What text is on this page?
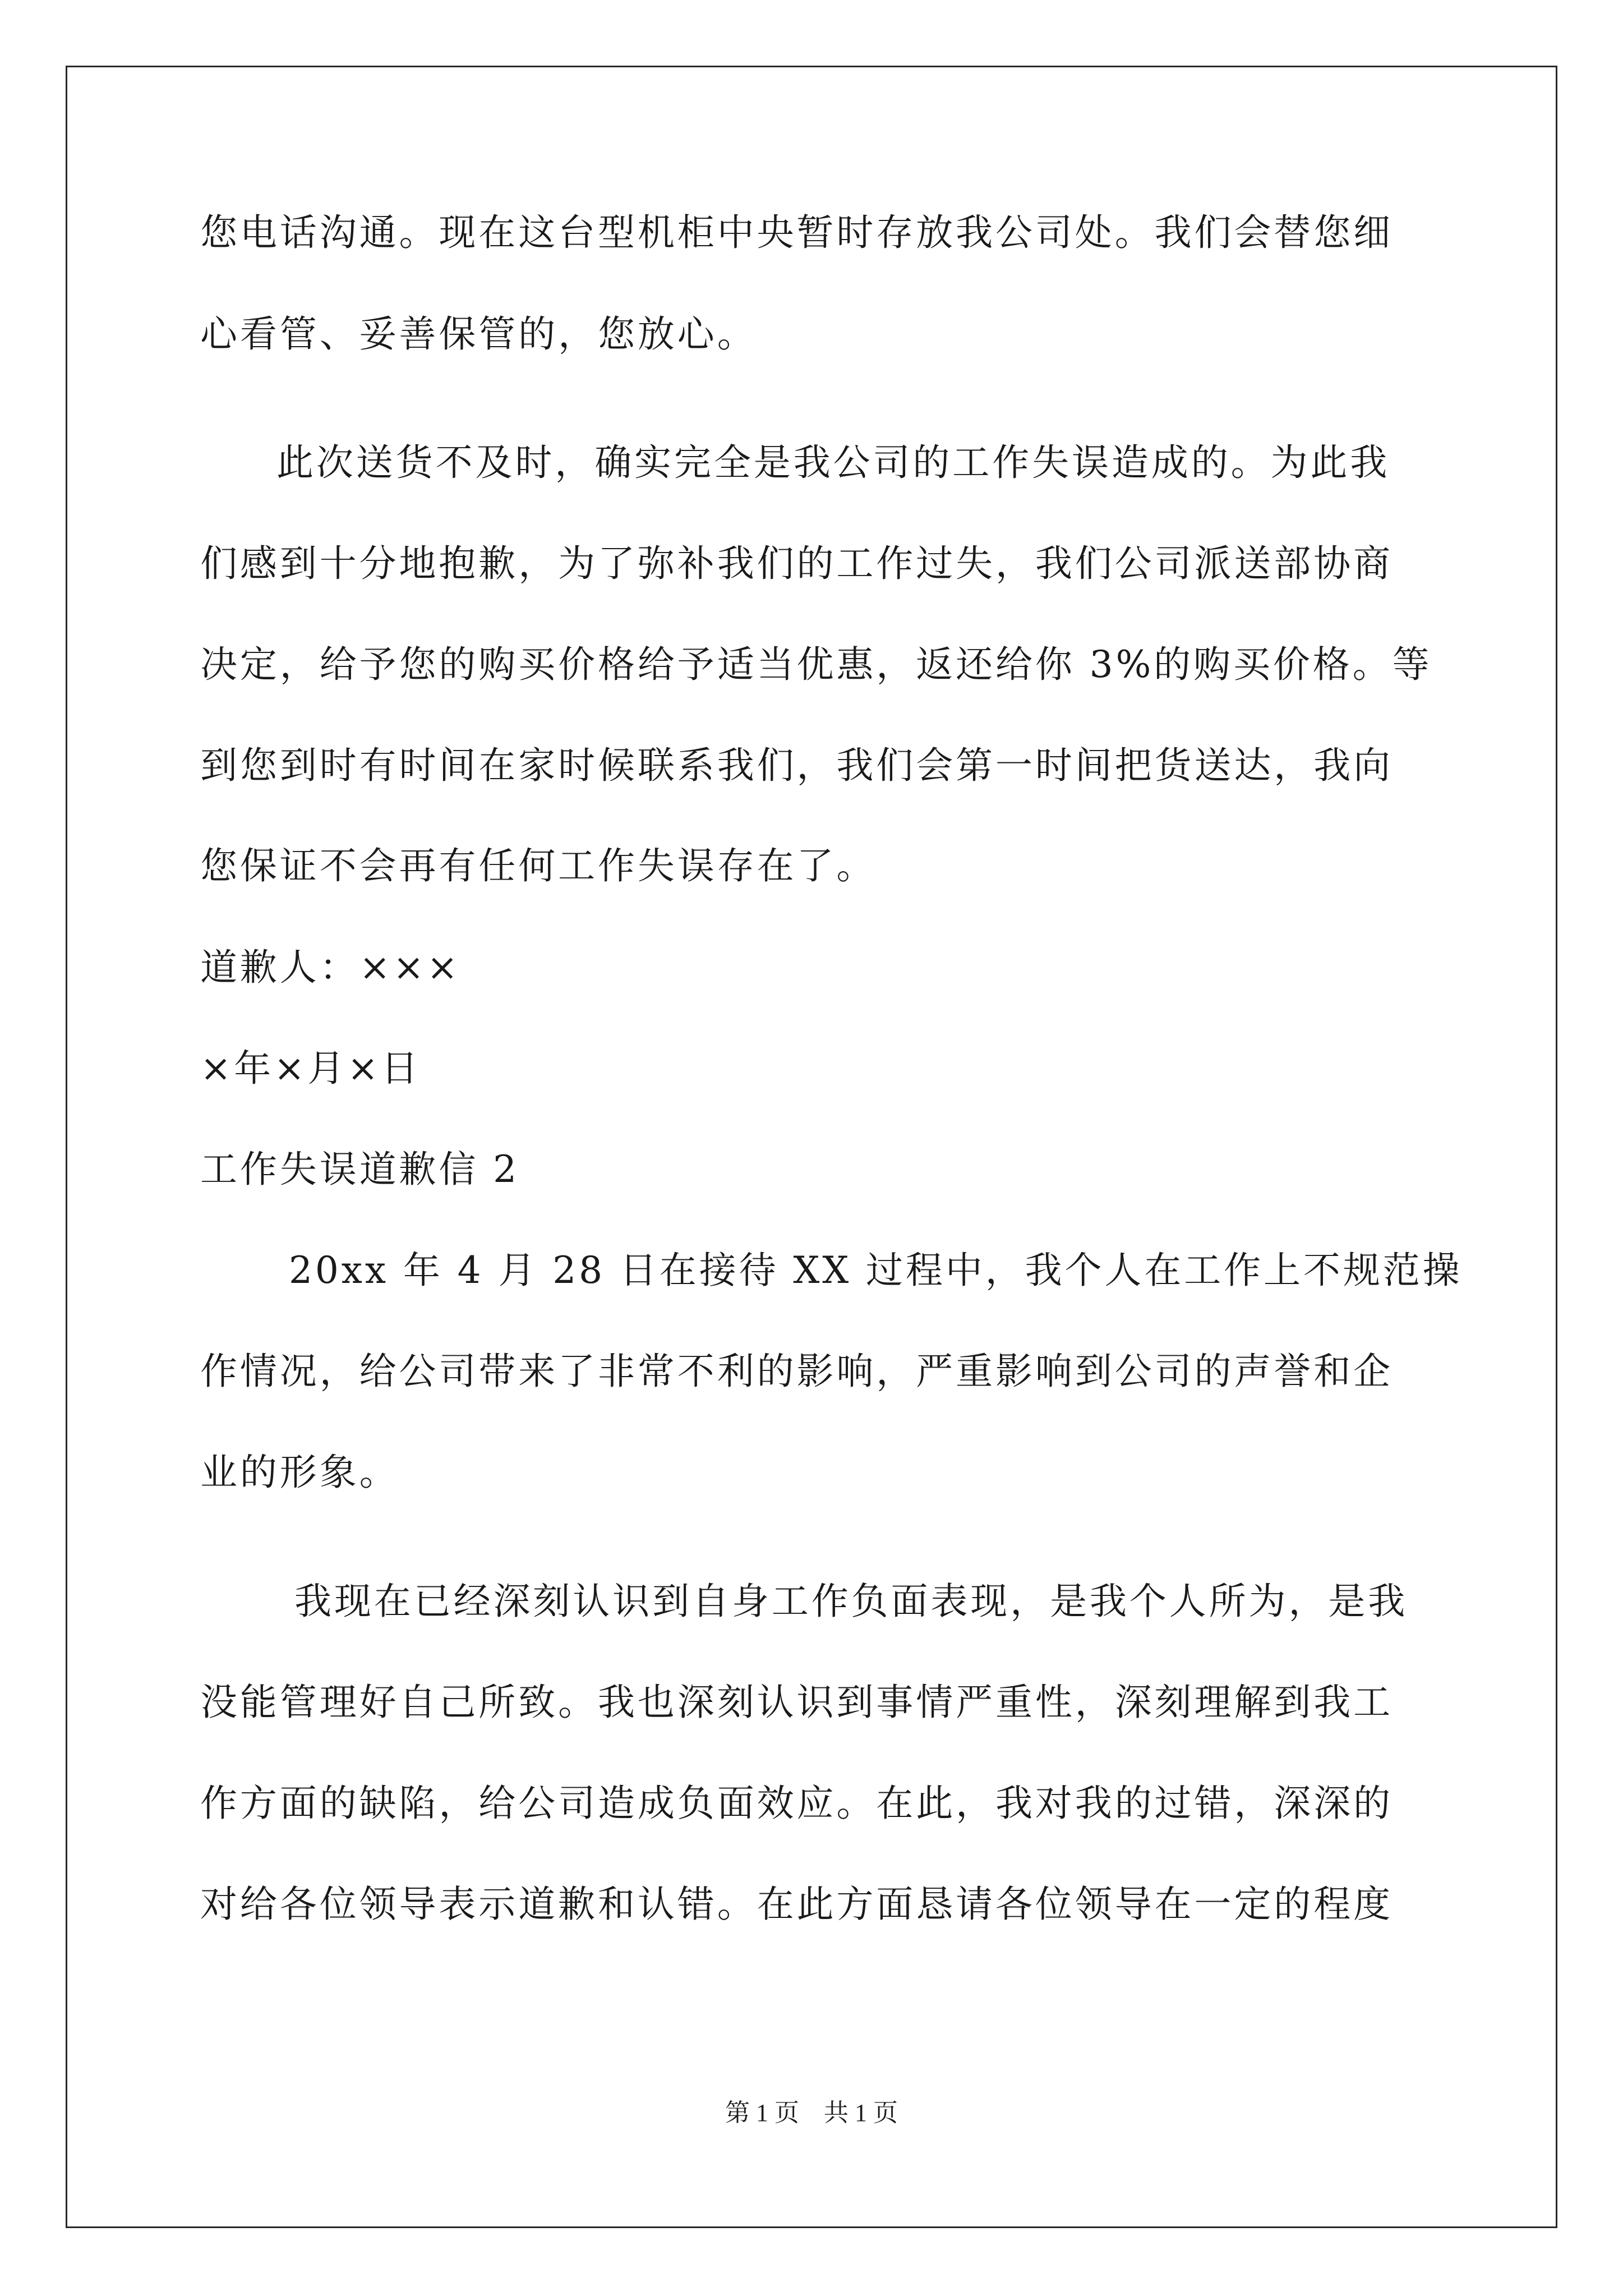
您电话沟通。现在这台型机柜中央暂时存放我公司处。我们会替您细
心看管、妥善保管的，您放心。
此次送货不及时，确实完全是我公司的工作失误造成的。为此我
们感到十分地抱歉，为了弥补我们的工作过失，我们公司派送部协商
决定，给予您的购买价格给予适当优惠，返还给你 3%的购买价格。等
到您到时有时间在家时候联系我们，我们会第一时间把货送达，我向
您保证不会再有任何工作失误存在了。
道歉人：×××
×年×月×日
工作失误道歉信 2
20xx 年 4 月 28 日在接待 XX 过程中，我个人在工作上不规范操
作情况，给公司带来了非常不利的影响，严重影响到公司的声誉和企
业的形象。
我现在已经深刻认识到自身工作负面表现，是我个人所为，是我
没能管理好自己所致。我也深刻认识到事情严重性，深刻理解到我工
作方面的缺陷，给公司造成负面效应。在此，我对我的过错，深深的
对给各位领导表示道歉和认错。在此方面恳请各位领导在一定的程度
第 1 页　共 1 页
